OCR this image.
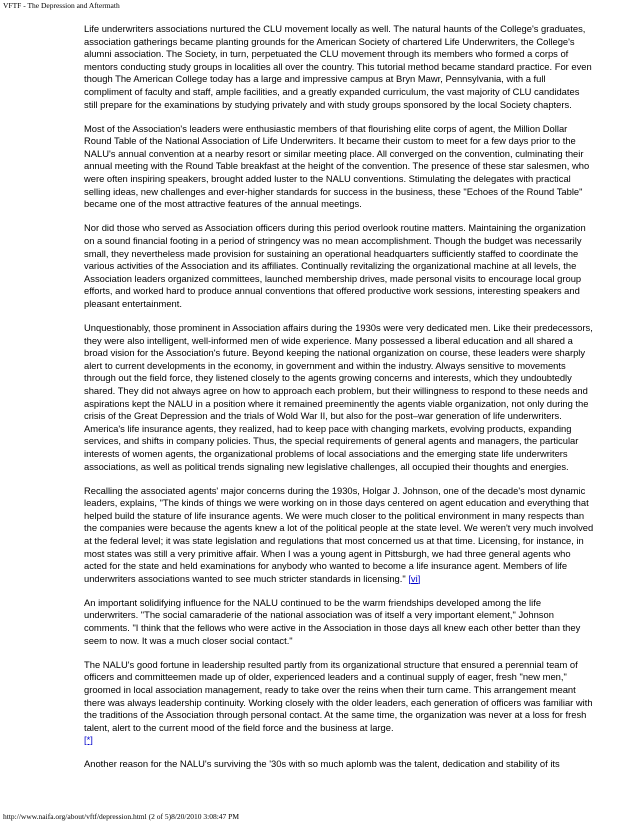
VFTF - The Depression and Aftermath

Life underwriters associations nurtured the CLU movement locally as well. The natural haunts of the College's graduates, association gatherings became planting grounds for the American Society of chartered Life Underwriters, the College's alumni association. The Society, in turn, perpetuated the CLU movement through its members who formed a corps of mentors conducting study groups in localities all over the country. This tutorial method became standard practice. For even though The American College today has a large and impressive campus at Bryn Mawr, Pennsylvania, with a full compliment of faculty and staff, ample facilities, and a greatly expanded curriculum, the vast majority of CLU candidates still prepare for the examinations by studying privately and with study groups sponsored by the local Society chapters.

Most of the Association's leaders were enthusiastic members of that flourishing elite corps of agent, the Million Dollar Round Table of the National Association of Life Underwriters. It became their custom to meet for a few days prior to the NALU's annual convention at a nearby resort or similar meeting place. All converged on the convention, culminating their annual meeting with the Round Table breakfast at the height of the convention. The presence of these star salesmen, who were often inspiring speakers, brought added luster to the NALU conventions. Stimulating the delegates with practical selling ideas, new challenges and ever-higher standards for success in the business, these "Echoes of the Round Table" became one of the most attractive features of the annual meetings.

Nor did those who served as Association officers during this period overlook routine matters. Maintaining the organization on a sound financial footing in a period of stringency was no mean accomplishment. Though the budget was necessarily small, they nevertheless made provision for sustaining an operational headquarters sufficiently staffed to coordinate the various activities of the Association and its affiliates. Continually revitalizing the organizational machine at all levels, the Association leaders organized committees, launched membership drives, made personal visits to encourage local group efforts, and worked hard to produce annual conventions that offered productive work sessions, interesting speakers and pleasant entertainment.

Unquestionably, those prominent in Association affairs during the 1930s were very dedicated men. Like their predecessors, they were also intelligent, well-informed men of wide experience. Many possessed a liberal education and all shared a broad vision for the Association's future. Beyond keeping the national organization on course, these leaders were sharply alert to current developments in the economy, in government and within the industry. Always sensitive to movements through out the field force, they listened closely to the agents growing concerns and interests, which they undoubtedly shared. They did not always agree on how to approach each problem, but their willingness to respond to these needs and aspirations kept the NALU in a position where it remained preeminently the agents viable organization, not only during the crisis of the Great Depression and the trials of Wold War II, but also for the post–war generation of life underwriters. America's life insurance agents, they realized, had to keep pace with changing markets, evolving products, expanding services, and shifts in company policies. Thus, the special requirements of general agents and managers, the particular interests of women agents, the organizational problems of local associations and the emerging state life underwriters associations, as well as political trends signaling new legislative challenges, all occupied their thoughts and energies.

Recalling the associated agents' major concerns during the 1930s, Holgar J. Johnson, one of the decade's most dynamic leaders, explains, "The kinds of things we were working on in those days centered on agent education and everything that helped build the stature of life insurance agents. We were much closer to the political environment in many respects than the companies were because the agents knew a lot of the political people at the state level. We weren't very much involved at the federal level; it was state legislation and regulations that most concerned us at that time. Licensing, for instance, in most states was still a very primitive affair. When I was a young agent in Pittsburgh, we had three general agents who acted for the state and held examinations for anybody who wanted to become a life insurance agent. Members of life underwriters associations wanted to see much stricter standards in licensing." [vi]

An important solidifying influence for the NALU continued to be the warm friendships developed among the life underwriters. "The social camaraderie of the national association was of itself a very important element," Johnson comments. "I think that the fellows who were active in the Association in those days all knew each other better than they seem to now. It was a much closer social contact."

The NALU's good fortune in leadership resulted partly from its organizational structure that ensured a perennial team of officers and committeemen made up of older, experienced leaders and a continual supply of eager, fresh "new men," groomed in local association management, ready to take over the reins when their turn came. This arrangement meant there was always leadership continuity. Working closely with the older leaders, each generation of officers was familiar with the traditions of the Association through personal contact. At the same time, the organization was never at a loss for fresh talent, alert to the current mood of the field force and the business at large.
[*]

Another reason for the NALU's surviving the '30s with so much aplomb was the talent, dedication and stability of its

http://www.naifa.org/about/vftf/depression.html (2 of 5)8/20/2010 3:08:47 PM
